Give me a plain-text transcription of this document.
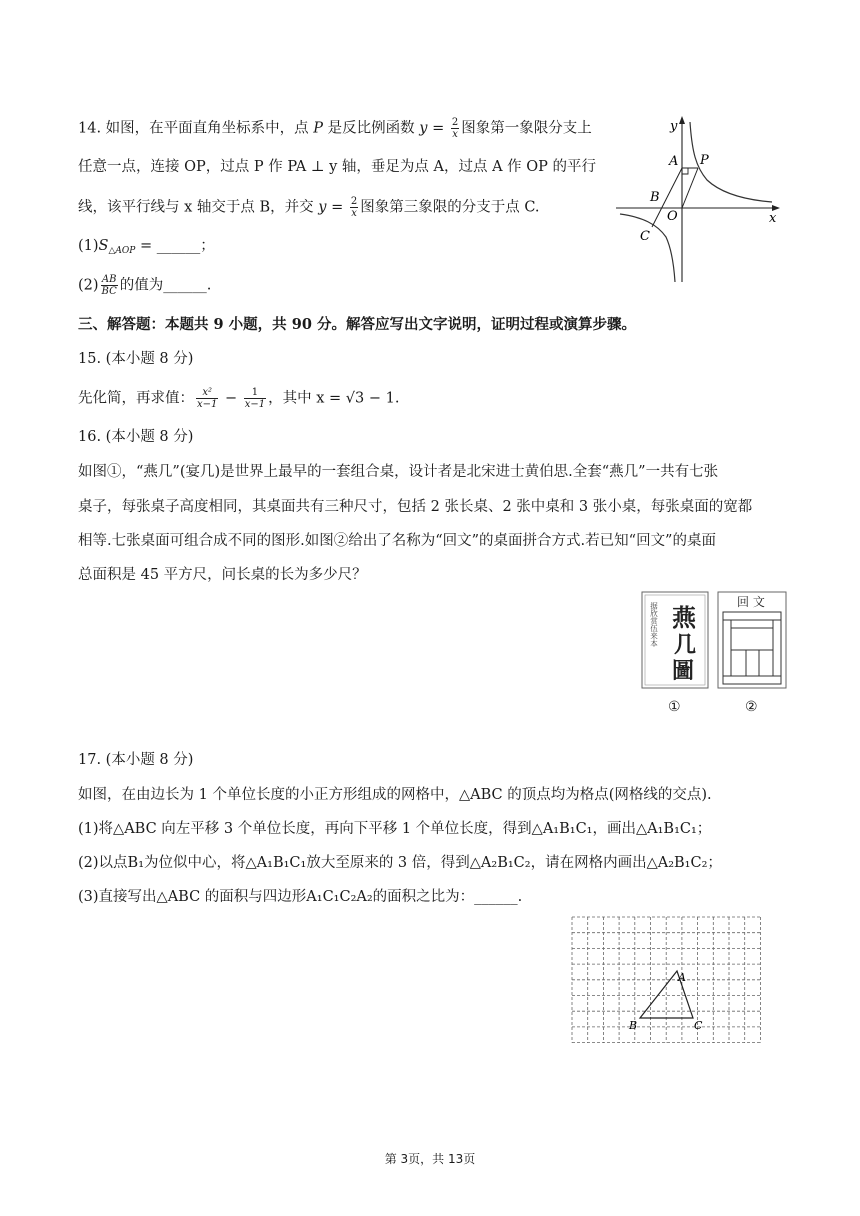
14. 如图，在平面直角坐标系中，点 P 是反比例函数 $y = \frac{2}{x}$ 图象第一象限分支上
任意一点，连接 OP，过点 P 作 PA ⊥ y 轴，垂足为点 A，过点 A 作 OP 的平行
线，该平行线与 x 轴交于点 B，并交 $y = \frac{2}{x}$ 图象第三象限的分支于点 C.
$(1)S_{\triangle AOP}$ = ______；
$(2) \frac{AB}{BC}$ 的值为______.
y
A P
B
O
C
x
三、解答题：本题共 9 小题，共 90 分。解答应写出文字说明，证明过程或演算步骤。
15. (本小题 8 分)
先化简，再求值： $\frac{\text{x²}}{x-1} - \frac{1}{x-1}$ ，其中 x = √3 − 1.
16. (本小题 8 分)
如图①，“燕几”(宴几)是世界上最早的一套组合桌，设计者是北宋进士黄伯思.全套“燕几”一共有七张
桌子，每张桌子高度相同，其桌面共有三种尺寸，包括 2 张长桌、2 张中桌和 3 张小桌，每张桌面的宽都
相等.七张桌面可组合成不同的图形.如图②给出了名称为“回文”的桌面拼合方式.若已知“回文”的桌面
总面积是 45 平方尺，问长桌的长为多少尺？
据欣赏伍来本 燕
几
圖
回 文
①	②
17. (本小题 8 分)
如图，在由边长为 1 个单位长度的小正方形组成的网格中，△ABC 的顶点均为格点(网格线的交点).
(1)将△ABC 向左平移 3 个单位长度，再向下平移 1 个单位长度，得到△A₁B₁C₁，画出△A₁B₁C₁；
(2)以点B₁为位似中心，将△A₁B₁C₁放大至原来的 3 倍，得到△A₂B₁C₂，请在网格内画出△A₂B₁C₂；
(3)直接写出△ABC 的面积与四边形A₁C₁C₂A₂的面积之比为：______.
A
B	C
第 3页，共 13页
